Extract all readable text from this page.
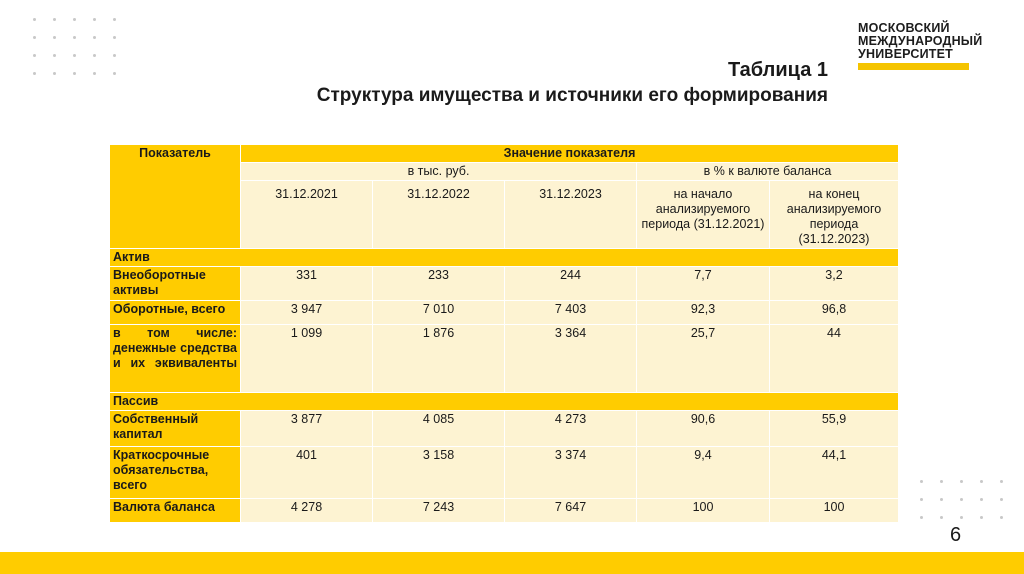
МОСКОВСКИЙ
МЕЖДУНАРОДНЫЙ
УНИВЕРСИТЕТ
Таблица 1
Структура имущества и источники его формирования
Показатель	Значение показателя				
	в тыс. руб.			в % к валюте баланса	
	31.12.2021	31.12.2022	31.12.2023	на начало анализируемого периода (31.12.2021)	на конец анализируемого периода (31.12.2023)
Актив					
Внеоборотные активы	331	233	244	7,7	3,2
Оборотные, всего	3 947	7 010	7 403	92,3	96,8
в том числе: денежные средства и их эквиваленты	1 099	1 876	3 364	25,7	44
Пассив					
Собственный капитал	3 877	4 085	4 273	90,6	55,9
Краткосрочные обязательства, всего	401	3 158	3 374	9,4	44,1
Валюта баланса	4 278	7 243	7 647	100	100
6
